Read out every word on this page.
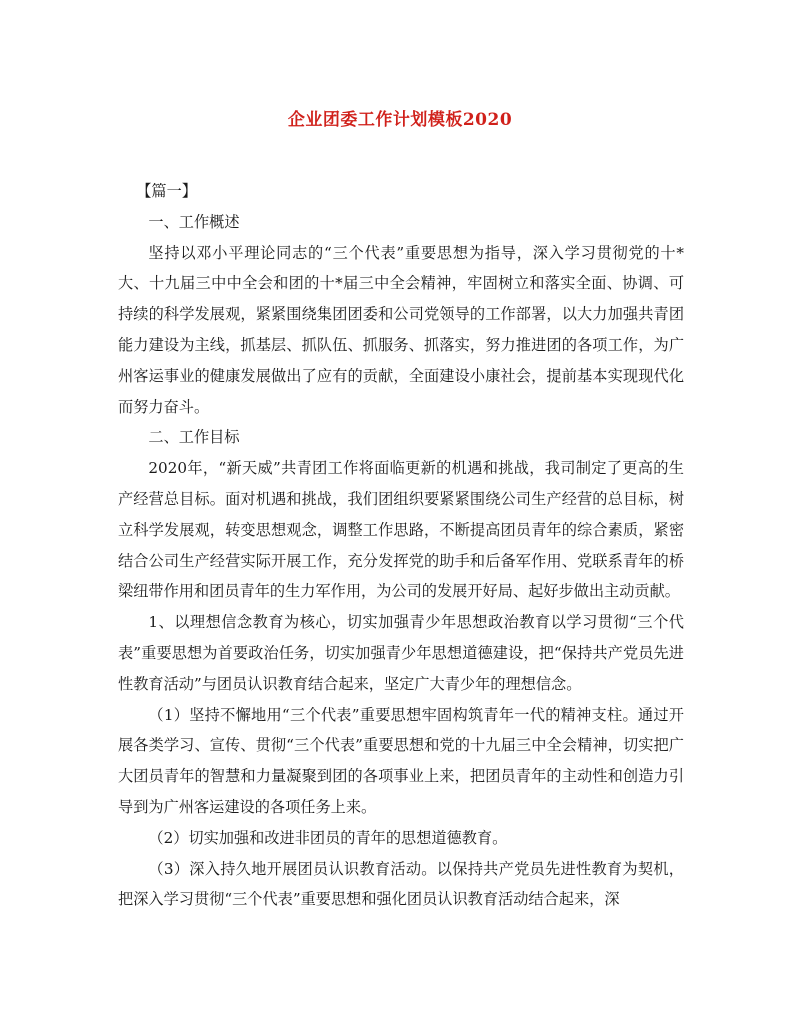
企业团委工作计划模板2020

【篇一】

一、工作概述

坚持以邓小平理论同志的“三个代表”重要思想为指导，深入学习贯彻党的十*大、十九届三中中全会和团的十*届三中全会精神，牢固树立和落实全面、协调、可持续的科学发展观，紧紧围绕集团团委和公司党领导的工作部署，以大力加强共青团能力建设为主线，抓基层、抓队伍、抓服务、抓落实，努力推进团的各项工作，为广州客运事业的健康发展做出了应有的贡献，全面建设小康社会，提前基本实现现代化而努力奋斗。

二、工作目标

2020年，“新天威”共青团工作将面临更新的机遇和挑战，我司制定了更高的生产经营总目标。面对机遇和挑战，我们团组织要紧紧围绕公司生产经营的总目标，树立科学发展观，转变思想观念，调整工作思路，不断提高团员青年的综合素质，紧密结合公司生产经营实际开展工作，充分发挥党的助手和后备军作用、党联系青年的桥梁纽带作用和团员青年的生力军作用，为公司的发展开好局、起好步做出主动贡献。

1、以理想信念教育为核心，切实加强青少年思想政治教育以学习贯彻“三个代表”重要思想为首要政治任务，切实加强青少年思想道德建设，把“保持共产党员先进性教育活动”与团员认识教育结合起来，坚定广大青少年的理想信念。

（1）坚持不懈地用“三个代表”重要思想牢固构筑青年一代的精神支柱。通过开展各类学习、宣传、贯彻“三个代表”重要思想和党的十九届三中全会精神，切实把广大团员青年的智慧和力量凝聚到团的各项事业上来，把团员青年的主动性和创造力引导到为广州客运建设的各项任务上来。

（2）切实加强和改进非团员的青年的思想道德教育。

（3）深入持久地开展团员认识教育活动。以保持共产党员先进性教育为契机，把深入学习贯彻“三个代表”重要思想和强化团员认识教育活动结合起来，深
